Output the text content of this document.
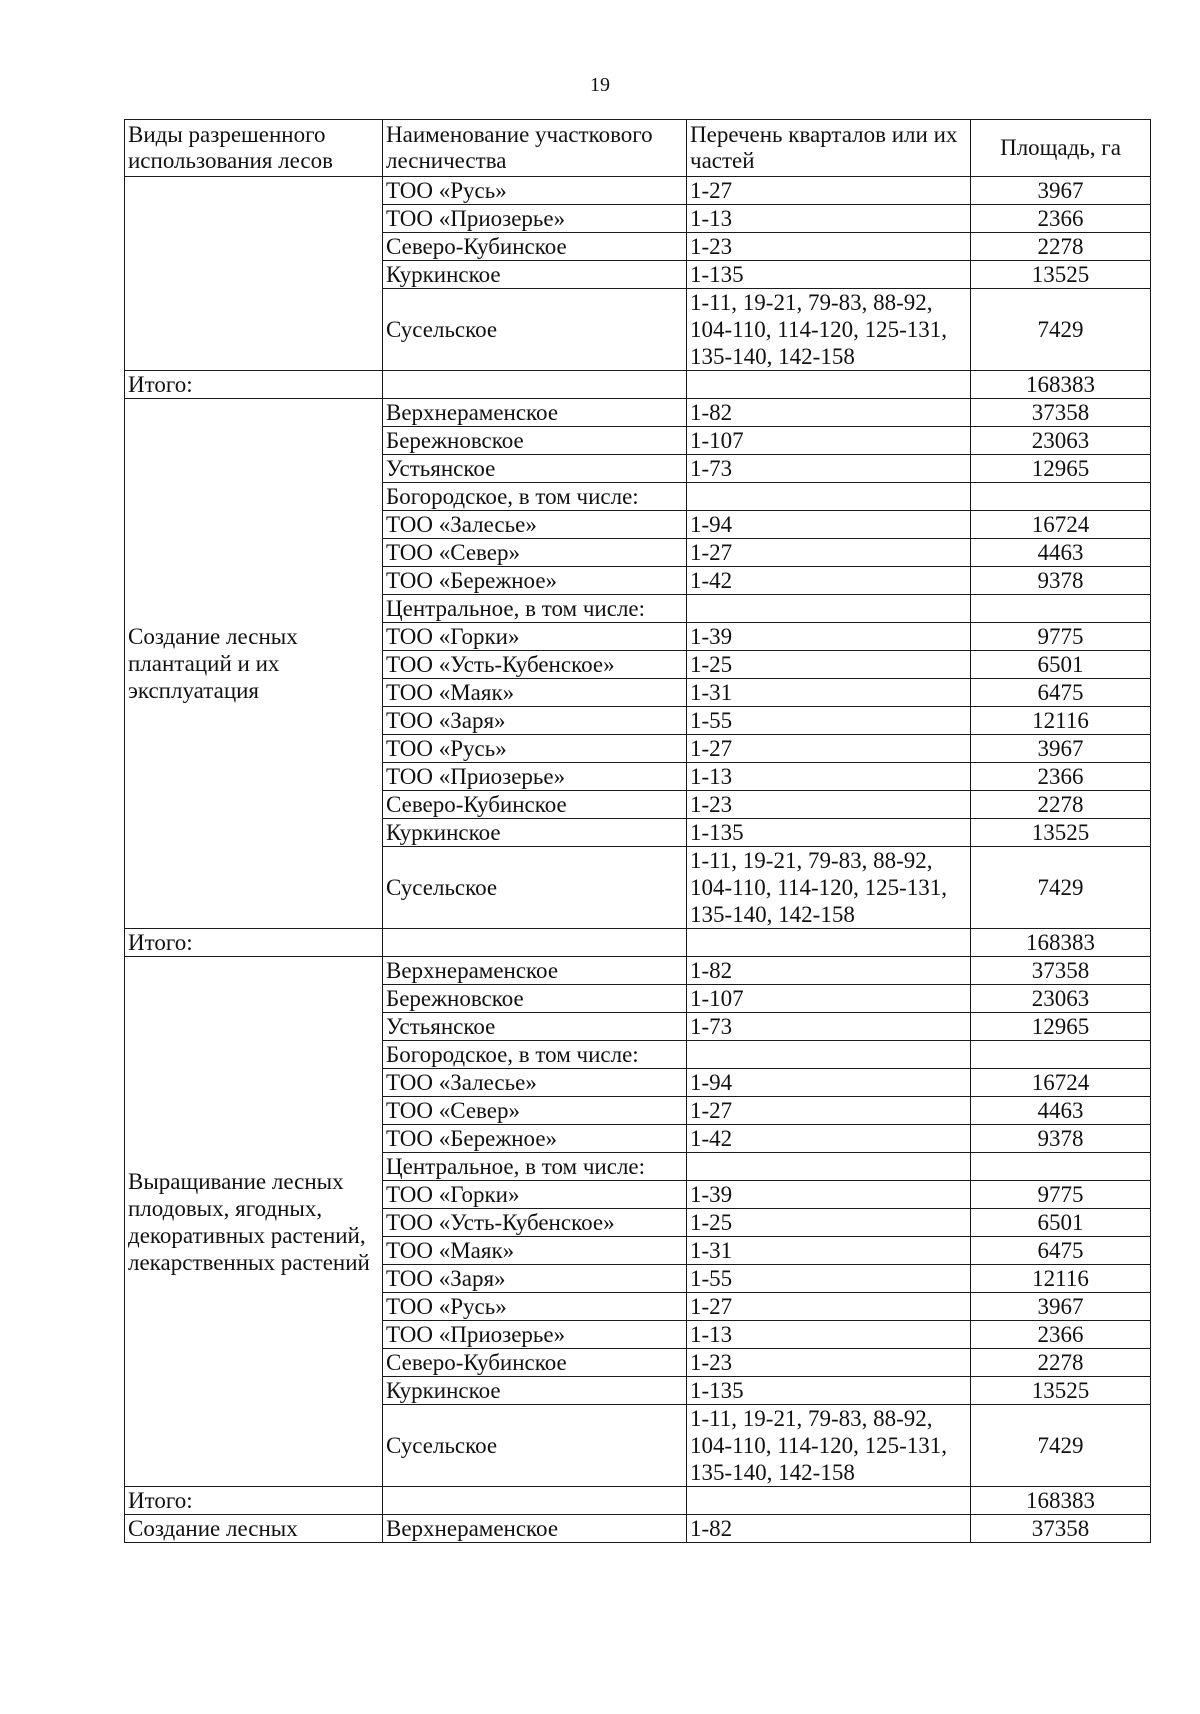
19
Виды разрешенного использования лесов	Наименование участкового лесничества	Перечень кварталов или их частей	Площадь, га
	ТОО «Русь»	1-27	3967
	ТОО «Приозерье»	1-13	2366
	Северо-Кубинское	1-23	2278
	Куркинское	1-135	13525
	Сусельское	1-11, 19-21, 79-83, 88-92, 104-110, 114-120, 125-131, 135-140, 142-158	7429
Итого:			168383
Создание лесных плантаций и их эксплуатация	Верхнераменское	1-82	37358
	Бережновское	1-107	23063
	Устьянское	1-73	12965
	Богородское, в том числе:		
	ТОО «Залесье»	1-94	16724
	ТОО «Север»	1-27	4463
	ТОО «Бережное»	1-42	9378
	Центральное, в том числе:		
	ТОО «Горки»	1-39	9775
	ТОО «Усть-Кубенское»	1-25	6501
	ТОО «Маяк»	1-31	6475
	ТОО «Заря»	1-55	12116
	ТОО «Русь»	1-27	3967
	ТОО «Приозерье»	1-13	2366
	Северо-Кубинское	1-23	2278
	Куркинское	1-135	13525
	Сусельское	1-11, 19-21, 79-83, 88-92, 104-110, 114-120, 125-131, 135-140, 142-158	7429
Итого:			168383
Выращивание лесных плодовых, ягодных, декоративных растений, лекарственных растений	Верхнераменское	1-82	37358
	Бережновское	1-107	23063
	Устьянское	1-73	12965
	Богородское, в том числе:		
	ТОО «Залесье»	1-94	16724
	ТОО «Север»	1-27	4463
	ТОО «Бережное»	1-42	9378
	Центральное, в том числе:		
	ТОО «Горки»	1-39	9775
	ТОО «Усть-Кубенское»	1-25	6501
	ТОО «Маяк»	1-31	6475
	ТОО «Заря»	1-55	12116
	ТОО «Русь»	1-27	3967
	ТОО «Приозерье»	1-13	2366
	Северо-Кубинское	1-23	2278
	Куркинское	1-135	13525
	Сусельское	1-11, 19-21, 79-83, 88-92, 104-110, 114-120, 125-131, 135-140, 142-158	7429
Итого:			168383
Создание лесных	Верхнераменское	1-82	37358
